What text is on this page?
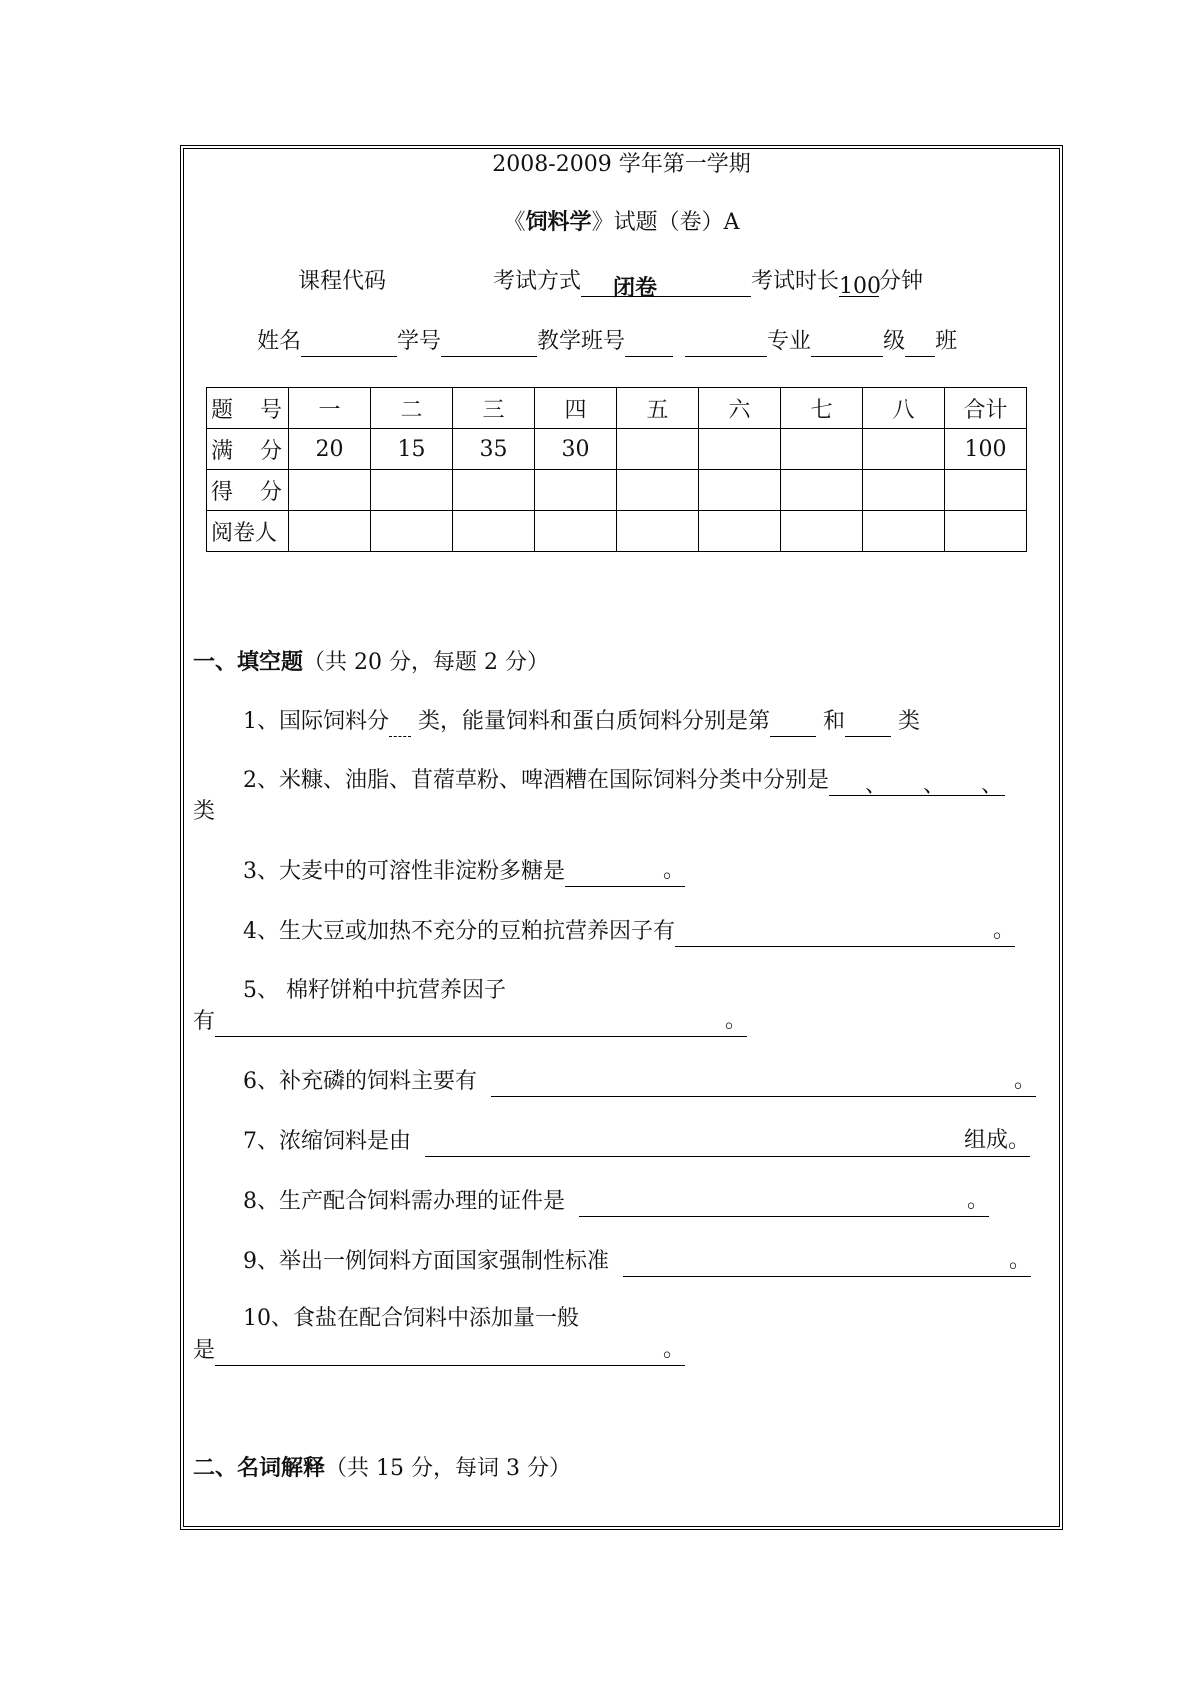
2008-2009 学年第一学期
《饲料学》试题（卷）A
课程代码	考试方式 闭卷	考试时长100分钟
姓名	学号	教学班号	专业	级 班
题　号	一	二	三	四	五	六	七	八	合计
满　分	20	15	35	30					100
得　分									
阅卷人									
一、填空题（共 20 分，每题 2 分）
1、国际饲料分 类，能量饲料和蛋白质饲料分别是第 和 类
2、米糠、油脂、苜蓿草粉、啤酒糟在国际饲料分类中分别是 、 、 、
类
3、大麦中的可溶性非淀粉多糖是	。
4、生大豆或加热不充分的豆粕抗营养因子有	。
5、 棉籽饼粕中抗营养因子
有	。
6、补充磷的饲料主要有	。
7、浓缩饲料是由	组成。
8、生产配合饲料需办理的证件是	。
9、举出一例饲料方面国家强制性标准	。
10、食盐在配合饲料中添加量一般
是	。
二、名词解释（共 15 分，每词 3 分）
